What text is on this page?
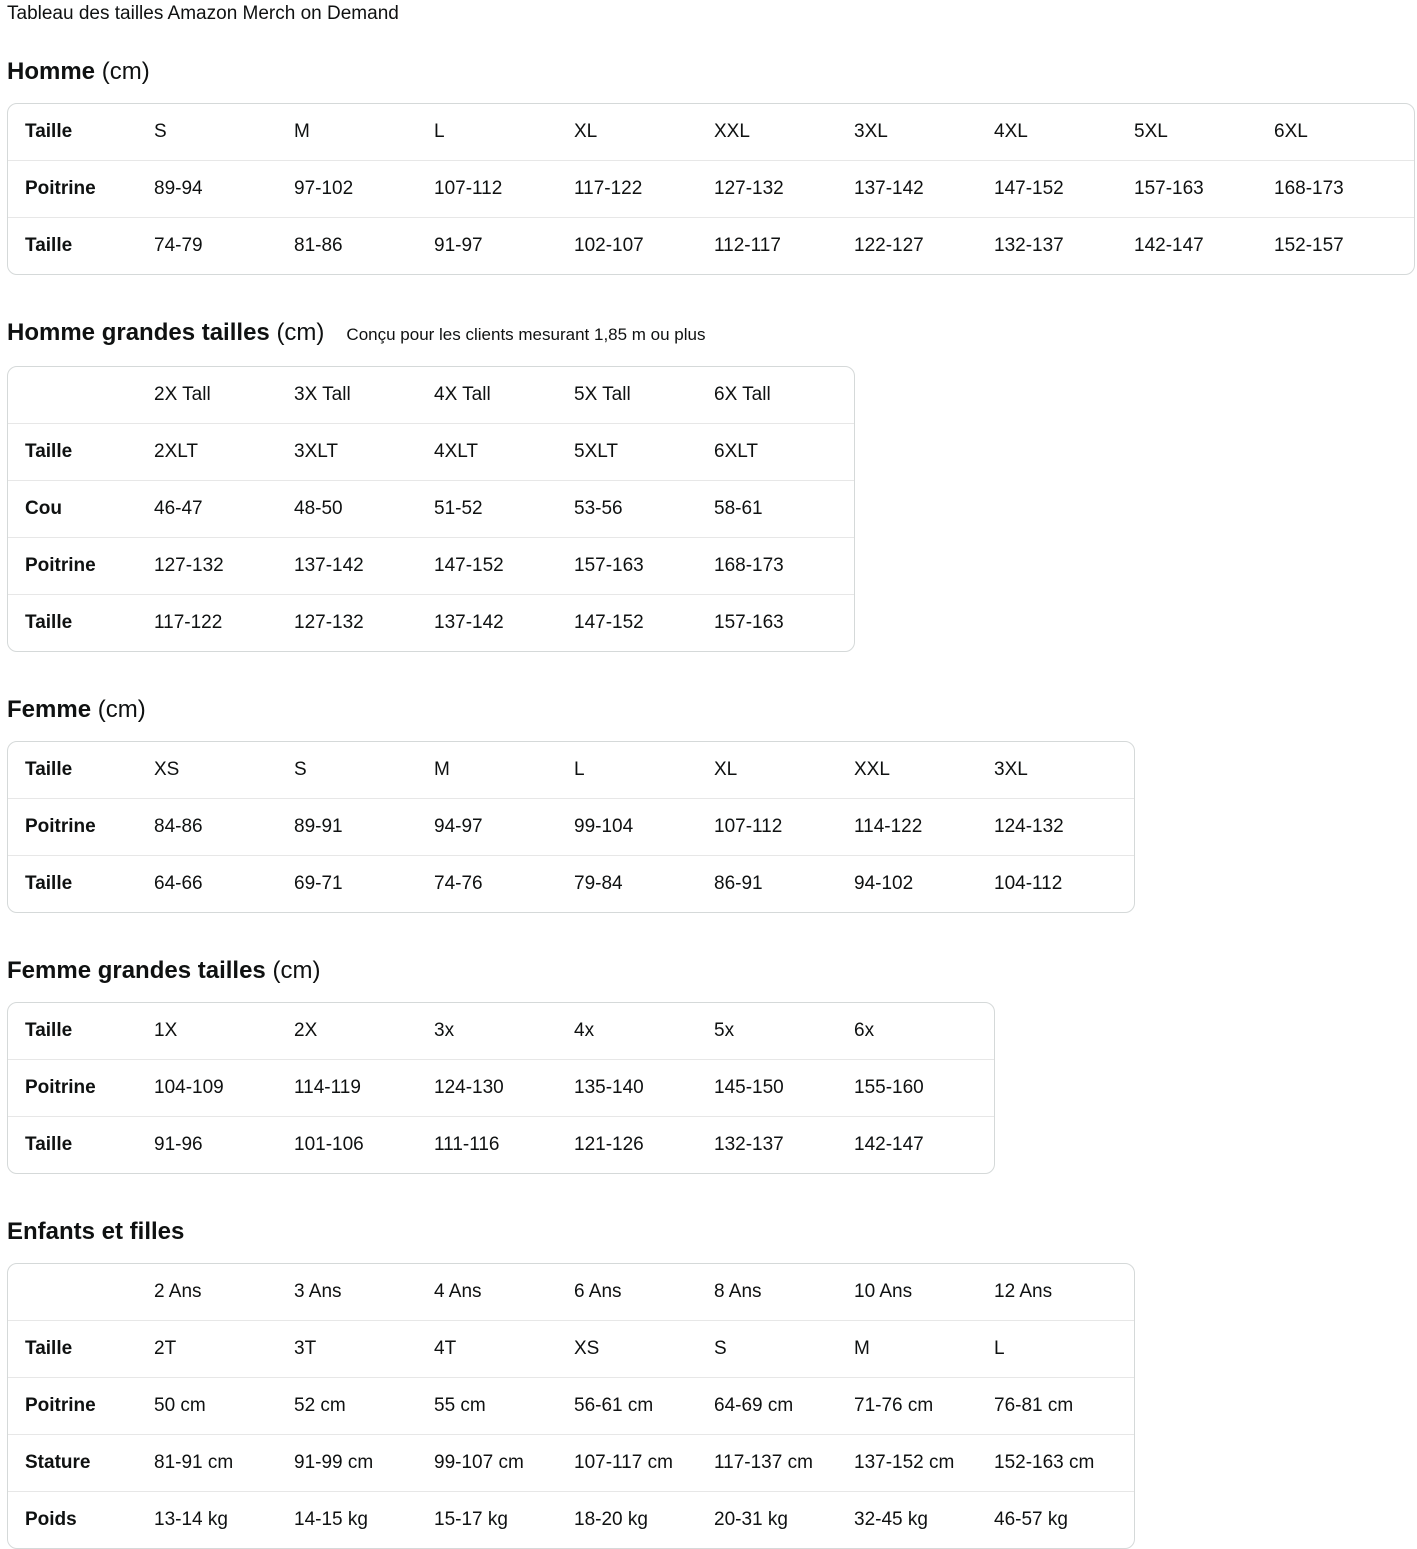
Tableau des tailles Amazon Merch on Demand

Homme (cm)
Taille	S	M	L	XL	XXL	3XL	4XL	5XL	6XL
Poitrine	89-94	97-102	107-112	117-122	127-132	137-142	147-152	157-163	168-173
Taille	74-79	81-86	91-97	102-107	112-117	122-127	132-137	142-147	152-157
Homme grandes tailles (cm) Conçu pour les clients mesurant 1,85 m ou plus
	2X Tall	3X Tall	4X Tall	5X Tall	6X Tall
Taille	2XLT	3XLT	4XLT	5XLT	6XLT
Cou	46-47	48-50	51-52	53-56	58-61
Poitrine	127-132	137-142	147-152	157-163	168-173
Taille	117-122	127-132	137-142	147-152	157-163
Femme (cm)
Taille	XS	S	M	L	XL	XXL	3XL
Poitrine	84-86	89-91	94-97	99-104	107-112	114-122	124-132
Taille	64-66	69-71	74-76	79-84	86-91	94-102	104-112
Femme grandes tailles (cm)
Taille	1X	2X	3x	4x	5x	6x
Poitrine	104-109	114-119	124-130	135-140	145-150	155-160
Taille	91-96	101-106	111-116	121-126	132-137	142-147
Enfants et filles
	2 Ans	3 Ans	4 Ans	6 Ans	8 Ans	10 Ans	12 Ans
Taille	2T	3T	4T	XS	S	M	L
Poitrine	50 cm	52 cm	55 cm	56-61 cm	64-69 cm	71-76 cm	76-81 cm
Stature	81-91 cm	91-99 cm	99-107 cm	107-117 cm	117-137 cm	137-152 cm	152-163 cm
Poids	13-14 kg	14-15 kg	15-17 kg	18-20 kg	20-31 kg	32-45 kg	46-57 kg
